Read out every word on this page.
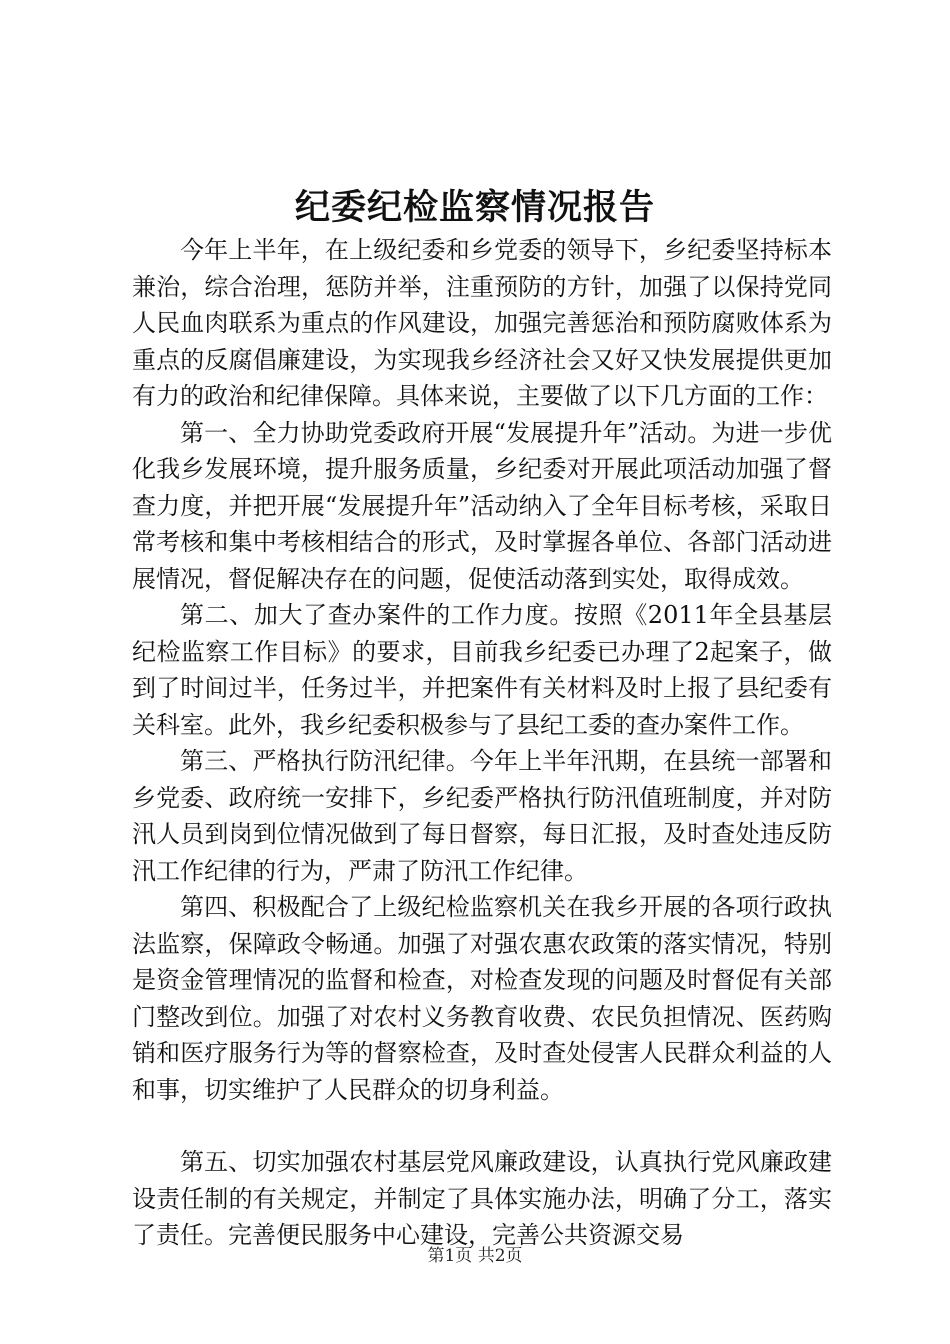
纪委纪检监察情况报告

今年上半年，在上级纪委和乡党委的领导下，乡纪委坚持标本兼治，综合治理，惩防并举，注重预防的方针，加强了以保持党同人民血肉联系为重点的作风建设，加强完善惩治和预防腐败体系为重点的反腐倡廉建设，为实现我乡经济社会又好又快发展提供更加有力的政治和纪律保障。具体来说，主要做了以下几方面的工作：

第一、全力协助党委政府开展“发展提升年”活动。为进一步优化我乡发展环境，提升服务质量，乡纪委对开展此项活动加强了督查力度，并把开展“发展提升年”活动纳入了全年目标考核，采取日常考核和集中考核相结合的形式，及时掌握各单位、各部门活动进展情况，督促解决存在的问题，促使活动落到实处，取得成效。

第二、加大了查办案件的工作力度。按照《2011年全县基层纪检监察工作目标》的要求，目前我乡纪委已办理了2起案子，做到了时间过半，任务过半，并把案件有关材料及时上报了县纪委有关科室。此外，我乡纪委积极参与了县纪工委的查办案件工作。

第三、严格执行防汛纪律。今年上半年汛期，在县统一部署和乡党委、政府统一安排下，乡纪委严格执行防汛值班制度，并对防汛人员到岗到位情况做到了每日督察，每日汇报，及时查处违反防汛工作纪律的行为，严肃了防汛工作纪律。

第四、积极配合了上级纪检监察机关在我乡开展的各项行政执法监察，保障政令畅通。加强了对强农惠农政策的落实情况，特别是资金管理情况的监督和检查，对检查发现的问题及时督促有关部门整改到位。加强了对农村义务教育收费、农民负担情况、医药购销和医疗服务行为等的督察检查，及时查处侵害人民群众利益的人和事，切实维护了人民群众的切身利益。

第五、切实加强农村基层党风廉政建设，认真执行党风廉政建设责任制的有关规定，并制定了具体实施办法，明确了分工，落实了责任。完善便民服务中心建设，完善公共资源交易

第1页 共2页
